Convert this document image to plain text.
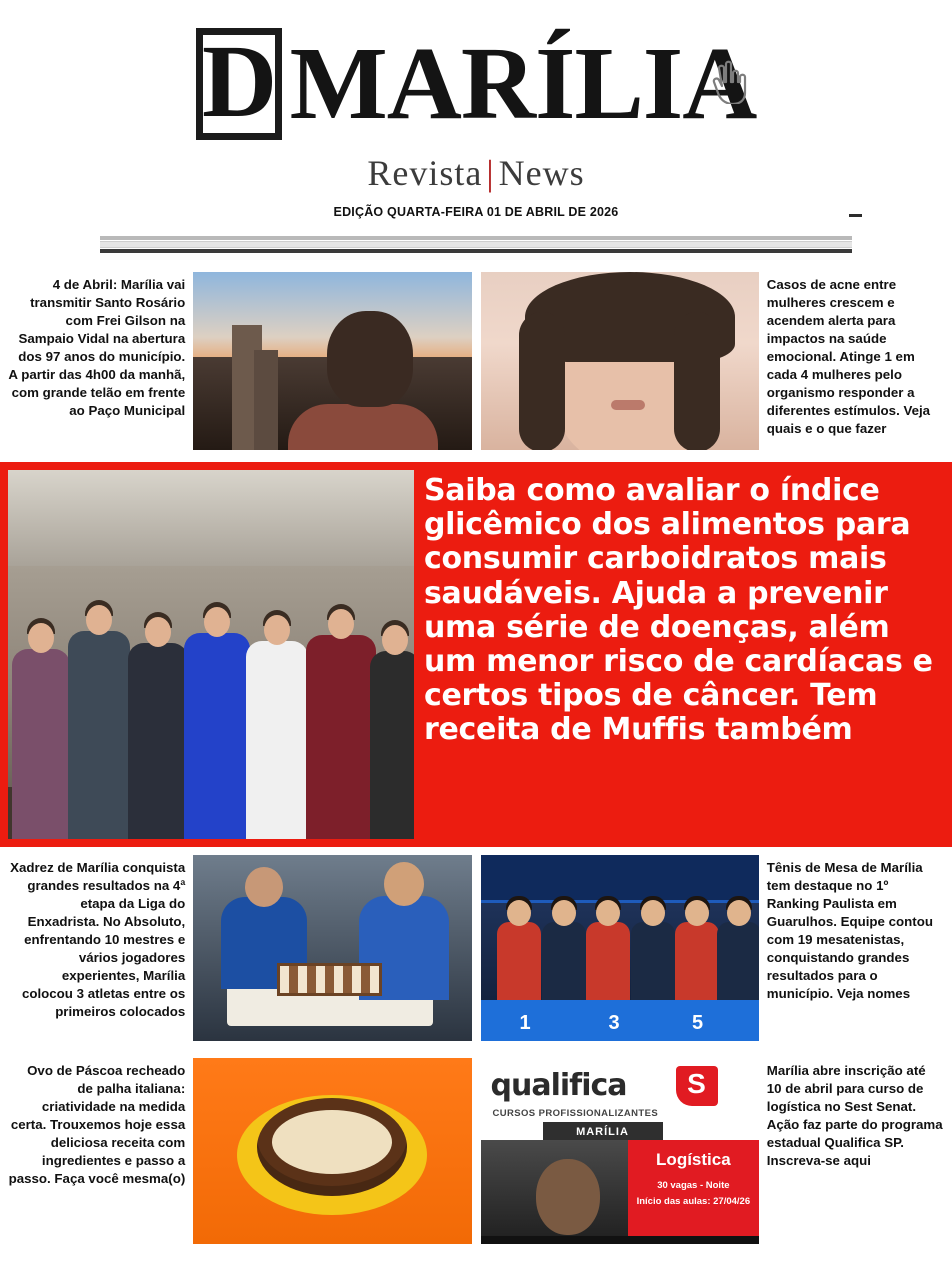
D MARÍLIA
Revista | News
EDIÇÃO QUARTA-FEIRA 01 DE ABRIL DE 2026
4 de Abril: Marília vai transmitir Santo Rosário com Frei Gilson na Sampaio Vidal na abertura dos 97 anos do município. A partir das 4h00 da manhã, com grande telão em frente ao Paço Municipal
Casos de acne entre mulheres crescem e acendem alerta para impactos na saúde emocional. Atinge 1 em cada 4 mulheres pelo organismo responder a diferentes estímulos. Veja quais e o que fazer
Saiba como avaliar o índice glicêmico dos alimentos para consumir carboidratos mais saudáveis. Ajuda a prevenir uma série de doenças, além um menor risco de cardíacas e certos tipos de câncer. Tem receita de Muffis também
Xadrez de Marília conquista grandes resultados na 4ª etapa da Liga do Enxadrista. No Absoluto, enfrentando 10 mestres e vários jogadores experientes, Marília colocou 3 atletas entre os primeiros colocados
1	3	5
Tênis de Mesa de Marília tem destaque no 1º Ranking Paulista em Guarulhos. Equipe contou com 19 mesatenistas, conquistando grandes resultados para o município. Veja nomes
Ovo de Páscoa recheado de palha italiana: criatividade na medida certa. Trouxemos hoje essa deliciosa receita com ingredientes e passo a passo. Faça você mesma(o)
qualifica	S
CURSOS PROFISSIONALIZANTES
MARÍLIA
Logística
30 vagas - Noite
Início das aulas: 27/04/26
Marília abre inscrição até 10 de abril para curso de logística no Sest Senat. Ação faz parte do programa estadual Qualifica SP. Inscreva-se aqui
